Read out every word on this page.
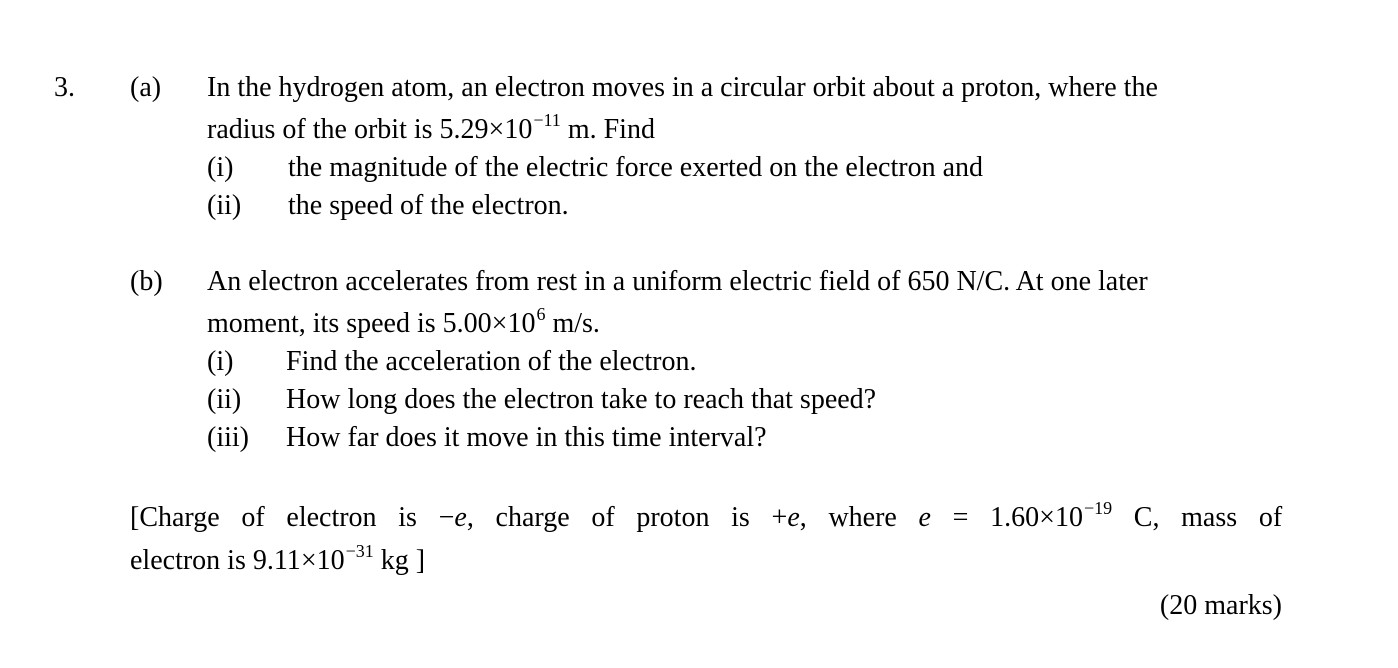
3. (a) In the hydrogen atom, an electron moves in a circular orbit about a proton, where the
radius of the orbit is $5.29\times 10^{-11}$ m. Find
(i) the magnitude of the electric force exerted on the electron and
(ii) the speed of the electron.
(b) An electron accelerates from rest in a uniform electric field of 650 N/C. At one later
moment, its speed is $5.00\times 10^6$ m/s.
(i) Find the acceleration of the electron.
(ii) How long does the electron take to reach that speed?
(iii) How far does it move in this time interval?
[Charge of electron is −e, charge of proton is +e, where $e = 1.60\times 10^{-19}$ C, mass of
electron is $9.11\times 10^{-31}$ kg ]
(20 marks)
